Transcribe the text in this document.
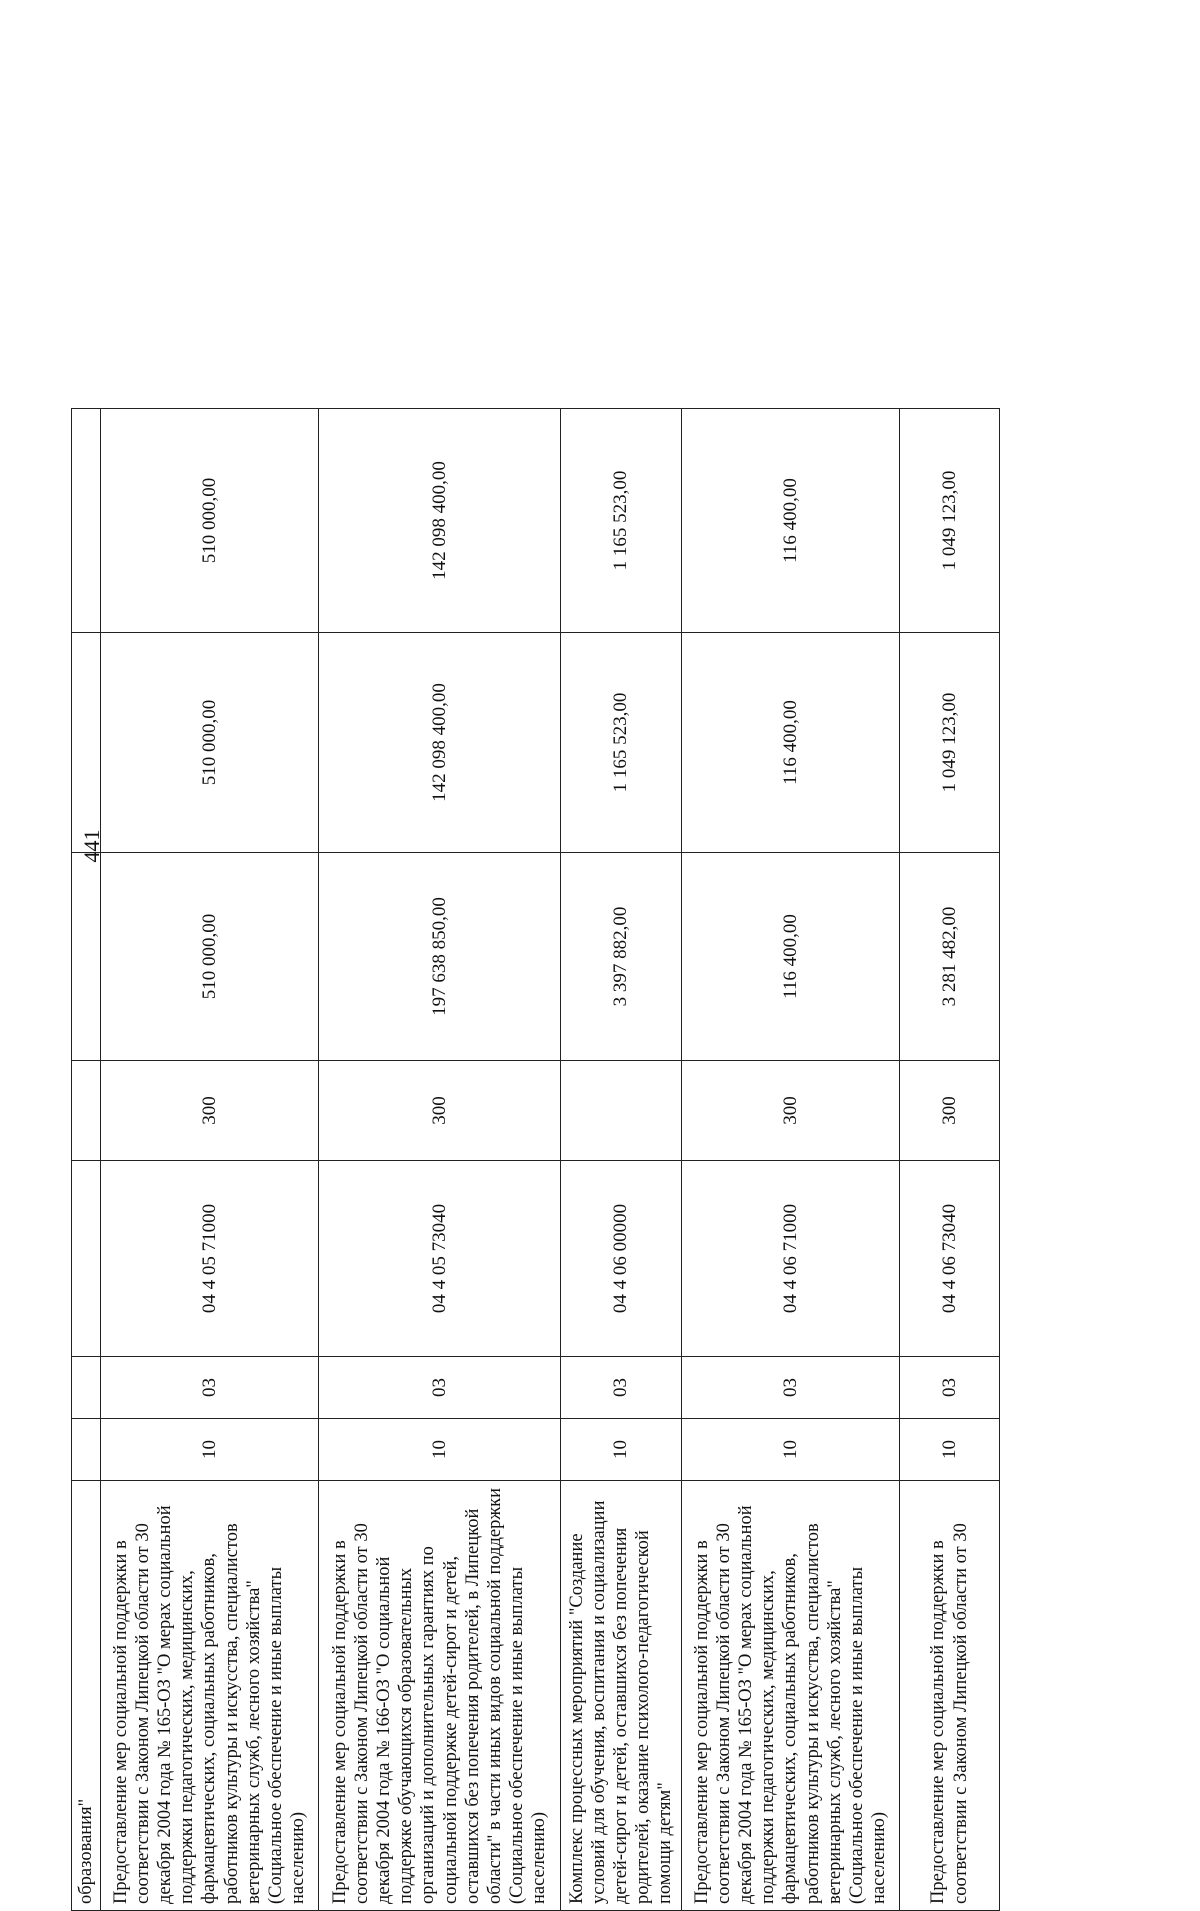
441
образования"							
Предоставление мер социальной поддержки в соответствии с Законом Липецкой области от 30 декабря 2004 года № 165-ОЗ "О мерах социальной поддержки педагогических, медицинских, фармацевтических, социальных работников, работников культуры и искусства, специалистов ветеринарных служб, лесного хозяйства" (Социальное обеспечение и иные выплаты населению)	10	03	04 4 05 71000	300	510 000,00	510 000,00	510 000,00
Предоставление мер социальной поддержки в соответствии с Законом Липецкой области от 30 декабря 2004 года № 166-ОЗ "О социальной поддержке обучающихся образовательных организаций и дополнительных гарантиях по социальной поддержке детей-сирот и детей, оставшихся без попечения родителей, в Липецкой области" в части иных видов социальной поддержки (Социальное обеспечение и иные выплаты населению)	10	03	04 4 05 73040	300	197 638 850,00	142 098 400,00	142 098 400,00
Комплекс процессных мероприятий "Создание условий для обучения, воспитания и социализации детей-сирот и детей, оставшихся без попечения родителей, оказание психолого-педагогической помощи детям"	10	03	04 4 06 00000		3 397 882,00	1 165 523,00	1 165 523,00
Предоставление мер социальной поддержки в соответствии с Законом Липецкой области от 30 декабря 2004 года № 165-ОЗ "О мерах социальной поддержки педагогических, медицинских, фармацевтических, социальных работников, работников культуры и искусства, специалистов ветеринарных служб, лесного хозяйства" (Социальное обеспечение и иные выплаты населению)	10	03	04 4 06 71000	300	116 400,00	116 400,00	116 400,00
Предоставление мер социальной поддержки в соответствии с Законом Липецкой области от 30	10	03	04 4 06 73040	300	3 281 482,00	1 049 123,00	1 049 123,00
